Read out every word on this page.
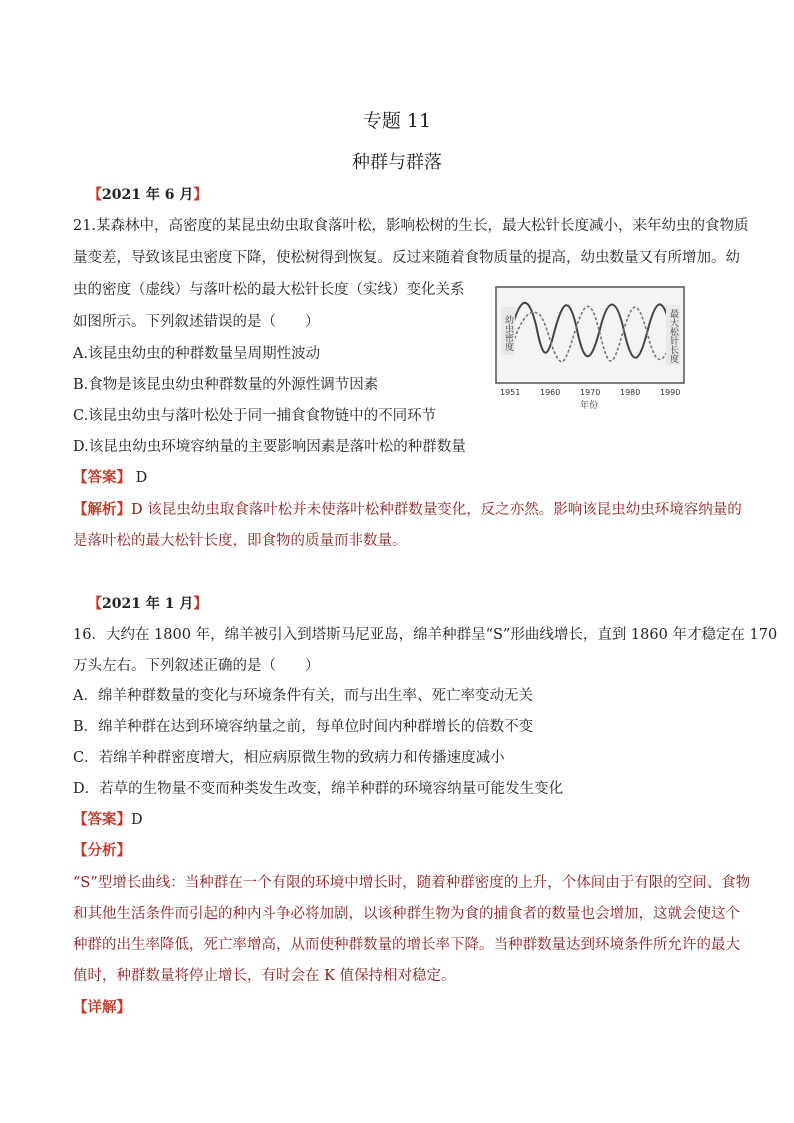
专题 11
种群与群落
【2021 年 6 月】
21.某森林中，高密度的某昆虫幼虫取食落叶松，影响松树的生长，最大松针长度减小，来年幼虫的食物质
量变差，导致该昆虫密度下降，使松树得到恢复。反过来随着食物质量的提高，幼虫数量又有所增加。幼
虫的密度（虚线）与落叶松的最大松针长度（实线）变化关系
如图所示。下列叙述错误的是（　　）
A.该昆虫幼虫的种群数量呈周期性波动
B.食物是该昆虫幼虫种群数量的外源性调节因素
C.该昆虫幼虫与落叶松处于同一捕食食物链中的不同环节
D.该昆虫幼虫环境容纳量的主要影响因素是落叶松的种群数量
【答案】 D
【解析】D 该昆虫幼虫取食落叶松并未使落叶松种群数量变化，反之亦然。影响该昆虫幼虫环境容纳量的
是落叶松的最大松针长度，即食物的质量而非数量。
幼虫密度	最大松针长度
1951 1960 1970 1980 1990
年份
【2021 年 1 月】
16．大约在 1800 年，绵羊被引入到塔斯马尼亚岛，绵羊种群呈“S”形曲线增长，直到 1860 年才稳定在 170
万头左右。下列叙述正确的是（　　）
A．绵羊种群数量的变化与环境条件有关，而与出生率、死亡率变动无关
B．绵羊种群在达到环境容纳量之前，每单位时间内种群增长的倍数不变
C．若绵羊种群密度增大，相应病原微生物的致病力和传播速度减小
D．若草的生物量不变而种类发生改变，绵羊种群的环境容纳量可能发生变化
【答案】D
【分析】
“S”型增长曲线：当种群在一个有限的环境中增长时，随着种群密度的上升，个体间由于有限的空间、食物
和其他生活条件而引起的种内斗争必将加剧，以该种群生物为食的捕食者的数量也会增加，这就会使这个
种群的出生率降低，死亡率增高，从而使种群数量的增长率下降。当种群数量达到环境条件所允许的最大
值时，种群数量将停止增长，有时会在 K 值保持相对稳定。
【详解】
